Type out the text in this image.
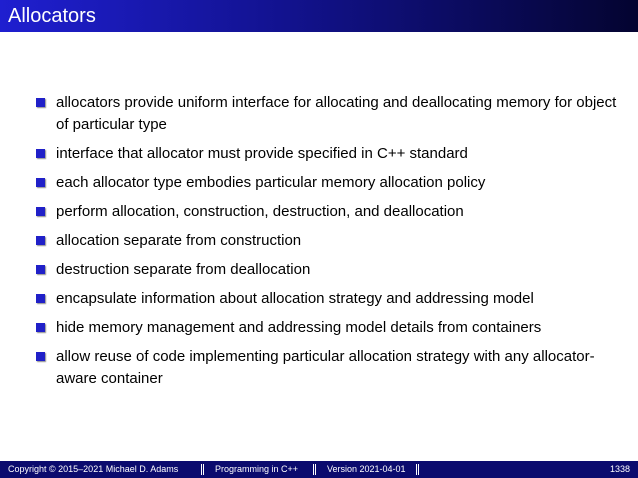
Allocators
allocators provide uniform interface for allocating and deallocating memory for object of particular type
interface that allocator must provide specified in C++ standard
each allocator type embodies particular memory allocation policy
perform allocation, construction, destruction, and deallocation
allocation separate from construction
destruction separate from deallocation
encapsulate information about allocation strategy and addressing model
hide memory management and addressing model details from containers
allow reuse of code implementing particular allocation strategy with any allocator-aware container
Copyright © 2015–2021 Michael D. Adams	Programming in C++	Version 2021-04-01	1338
